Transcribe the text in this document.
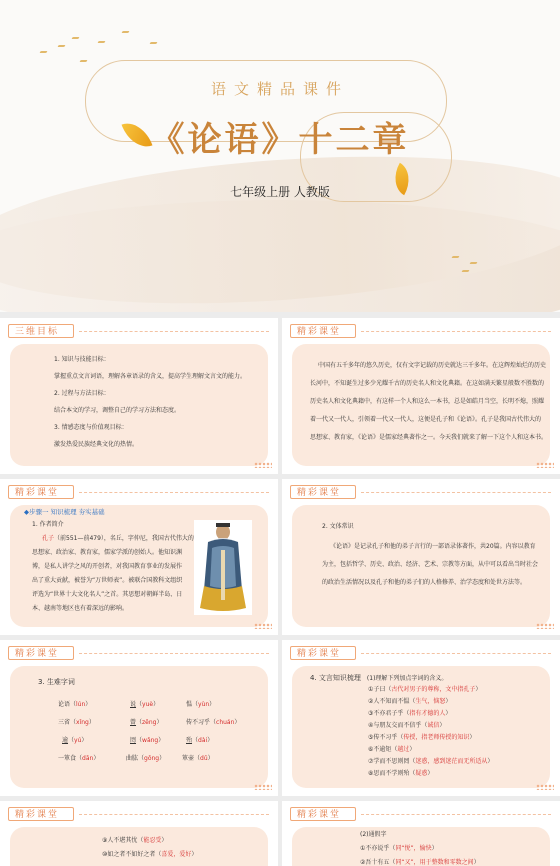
语文精品课件
《论语》十二章
七年级上册 人教版
三维目标
1. 知识与技能目标：
掌握重点文言词语，理解各章语录的含义，提高学生理解文言文的能力。
2. 过程与方法目标：
结合本文的学习，调整自己的学习方法和态度。
3. 情感态度与价值观目标：
激发热爱民族经典文化的热情。
精彩课堂
中国有五千多年的悠久历史，仅有文字记载的历史就达三千多年。在这辉煌灿烂的历史
长河中，不知诞生过多少光耀千古的历史名人和文化典籍。在这如满天繁星般数不胜数的
历史名人和文化典籍中，有这样一个人和这么一本书，总是如皓月当空，长明不熄，照耀
着一代又一代人，引领着一代又一代人，这便是孔子和《论语》。孔子是我国古代伟大的
思想家、教育家，《论语》是儒家经典著作之一。今天我们就来了解一下这个人和这本书。
精彩课堂
◆步骤一 知识梳理 夯实基础
1. 作者简介
孔子（前551—前479），名丘，字仲尼，我国古代伟大的
思想家、政治家、教育家，儒家学派的创始人。他知识渊
博，是私人讲学之风的开创者，对我国教育事业的发展作
出了重大贡献，被誉为“万世师表”。被联合国教科文组织
评选为“世界十大文化名人”之首。其思想对朝鲜半岛、日
本、越南等地区也有着深远的影响。
精彩课堂
2. 文体常识
《论语》是记录孔子和他的弟子言行的一部语录体著作，共20篇。内容以教育
为主，包括哲学、历史、政治、经济、艺术、宗教等方面，从中可以看出当时社会
的政治生活情况以及孔子和他的弟子们的人格修养、治学态度和处世方法等。
精彩课堂
3. 生难字词
论语（lún）	说（yuè）	愠（yùn）
三省（xǐng）	曾（zēng）	传不习乎（chuán）
逾（yú）	罔（wǎng）	殆（dài）
一箪食（dān）	曲肱（gōng）	箪壶（dǔ）
精彩课堂
4. 文言知识梳理 (1)理解下列加点字词的含义。
①子曰（古代对男子的尊称，文中指孔子）
②人不知而不愠（生气，恼怒）
③不亦君子乎（指有才德的人）
④与朋友交而不信乎（诚信）
⑤传不习乎（传授，指老师传授的知识）
⑥不逾矩（越过）
⑦学而不思则罔（迷惑，感到迷茫而无所适从）
⑧思而不学则殆（疑惑）
精彩课堂
⑨人不堪其忧（能忍受）
⑩如之者不如好之者（喜爱，爱好）
精彩课堂
(2)通假字
①不亦说乎（同“悦”，愉快）
②吾十有五（同“又”，用于整数和零数之间）
